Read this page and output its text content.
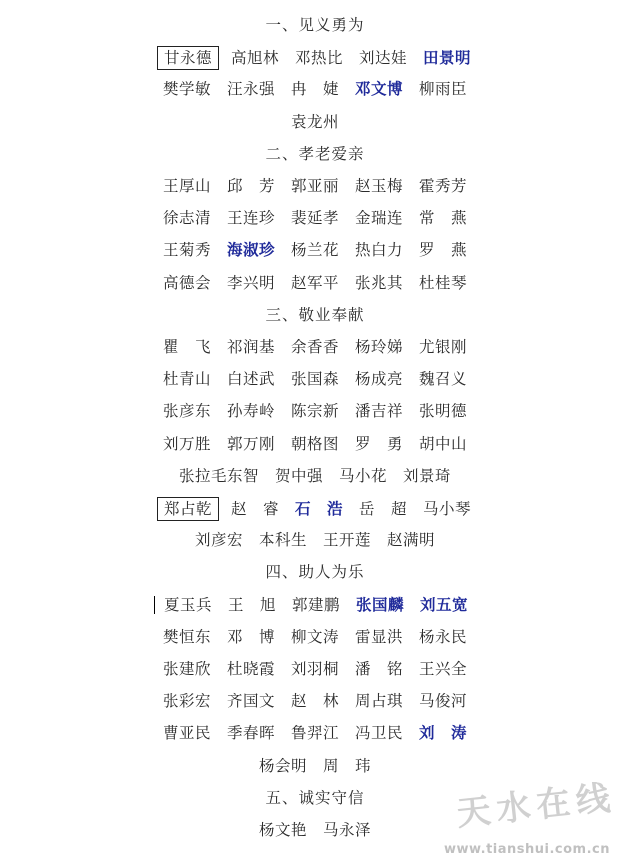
一、见义勇为
甘永德 高旭林 邓热比 刘达娃 田景明
樊学敏 汪永强 冉　婕 邓文博 柳雨臣
袁龙州
二、孝老爱亲
王厚山 邱　芳 郭亚丽 赵玉梅 霍秀芳
徐志清 王连珍 裴延孝 金瑞连 常　燕
王菊秀 海淑珍 杨兰花 热白力 罗　燕
高德会 李兴明 赵军平 张兆其 杜桂琴
三、敬业奉献
瞿　飞 祁润基 余香香 杨玲娣 尤银刚
杜青山 白述武 张国森 杨成亮 魏召义
张彦东 孙寿岭 陈宗新 潘吉祥 张明德
刘万胜 郭万刚 朝格图 罗　勇 胡中山
张拉毛东智 贺中强 马小花 刘景琦
郑占乾 赵　睿 石　浩 岳　超 马小琴
刘彦宏 本科生 王开莲 赵满明
四、助人为乐
夏玉兵 王　旭 郭建鹏 张国麟 刘五宽
樊恒东 邓　博 柳文涛 雷显洪 杨永民
张建欣 杜晓霞 刘羽桐 潘　铭 王兴全
张彩宏 齐国文 赵　林 周占琪 马俊河
曹亚民 季春晖 鲁羿江 冯卫民 刘　涛
杨会明 周　玮
五、诚实守信
杨文艳 马永泽	天水在线
www.tianshui.com.cn
